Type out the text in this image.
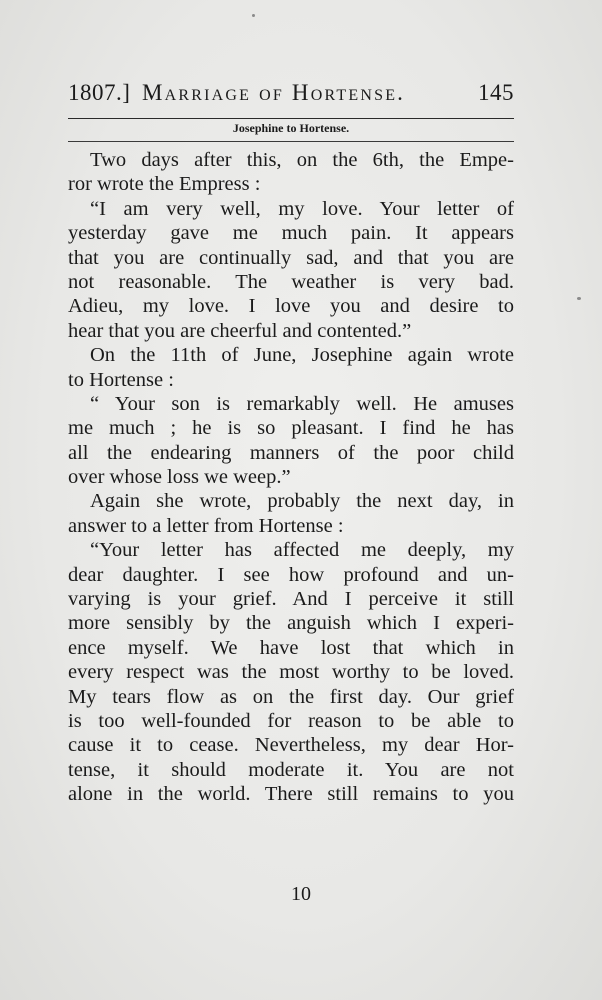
1807.] Marriage of Hortense.	145
Josephine to Hortense.
Two days after this, on the 6th, the Empe-
ror wrote the Empress :
“I am very well, my love. Your letter of
yesterday gave me much pain. It appears
that you are continually sad, and that you are
not reasonable. The weather is very bad.
Adieu, my love. I love you and desire to
hear that you are cheerful and contented.”
On the 11th of June, Josephine again wrote
to Hortense :
“ Your son is remarkably well. He amuses
me much ; he is so pleasant. I find he has
all the endearing manners of the poor child
over whose loss we weep.”
Again she wrote, probably the next day, in
answer to a letter from Hortense :
“Your letter has affected me deeply, my
dear daughter. I see how profound and un-
varying is your grief. And I perceive it still
more sensibly by the anguish which I experi-
ence myself. We have lost that which in
every respect was the most worthy to be loved.
My tears flow as on the first day. Our grief
is too well-founded for reason to be able to
cause it to cease. Nevertheless, my dear Hor-
tense, it should moderate it. You are not
alone in the world. There still remains to you
10
